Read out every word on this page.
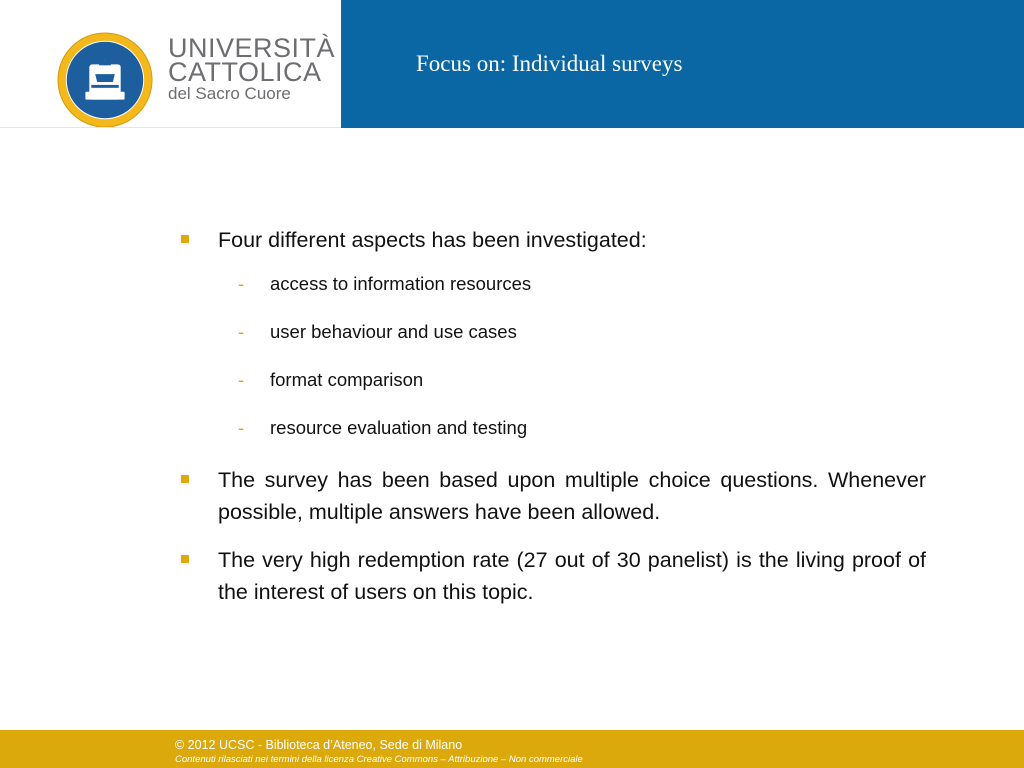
UNIVERSITÀ
CATTOLICA
del Sacro Cuore
Focus on: Individual surveys
Four different aspects has been investigated:
- access to information resources
- user behaviour and use cases
- format comparison
- resource evaluation and testing
The survey has been based upon multiple choice questions. Whenever possible, multiple answers have been allowed.
The very high redemption rate (27 out of 30 panelist) is the living proof of the interest of users on this topic.
© 2012 UCSC - Biblioteca d’Ateneo, Sede di Milano
Contenuti rilasciati nei termini della licenza Creative Commons – Attribuzione – Non commerciale
